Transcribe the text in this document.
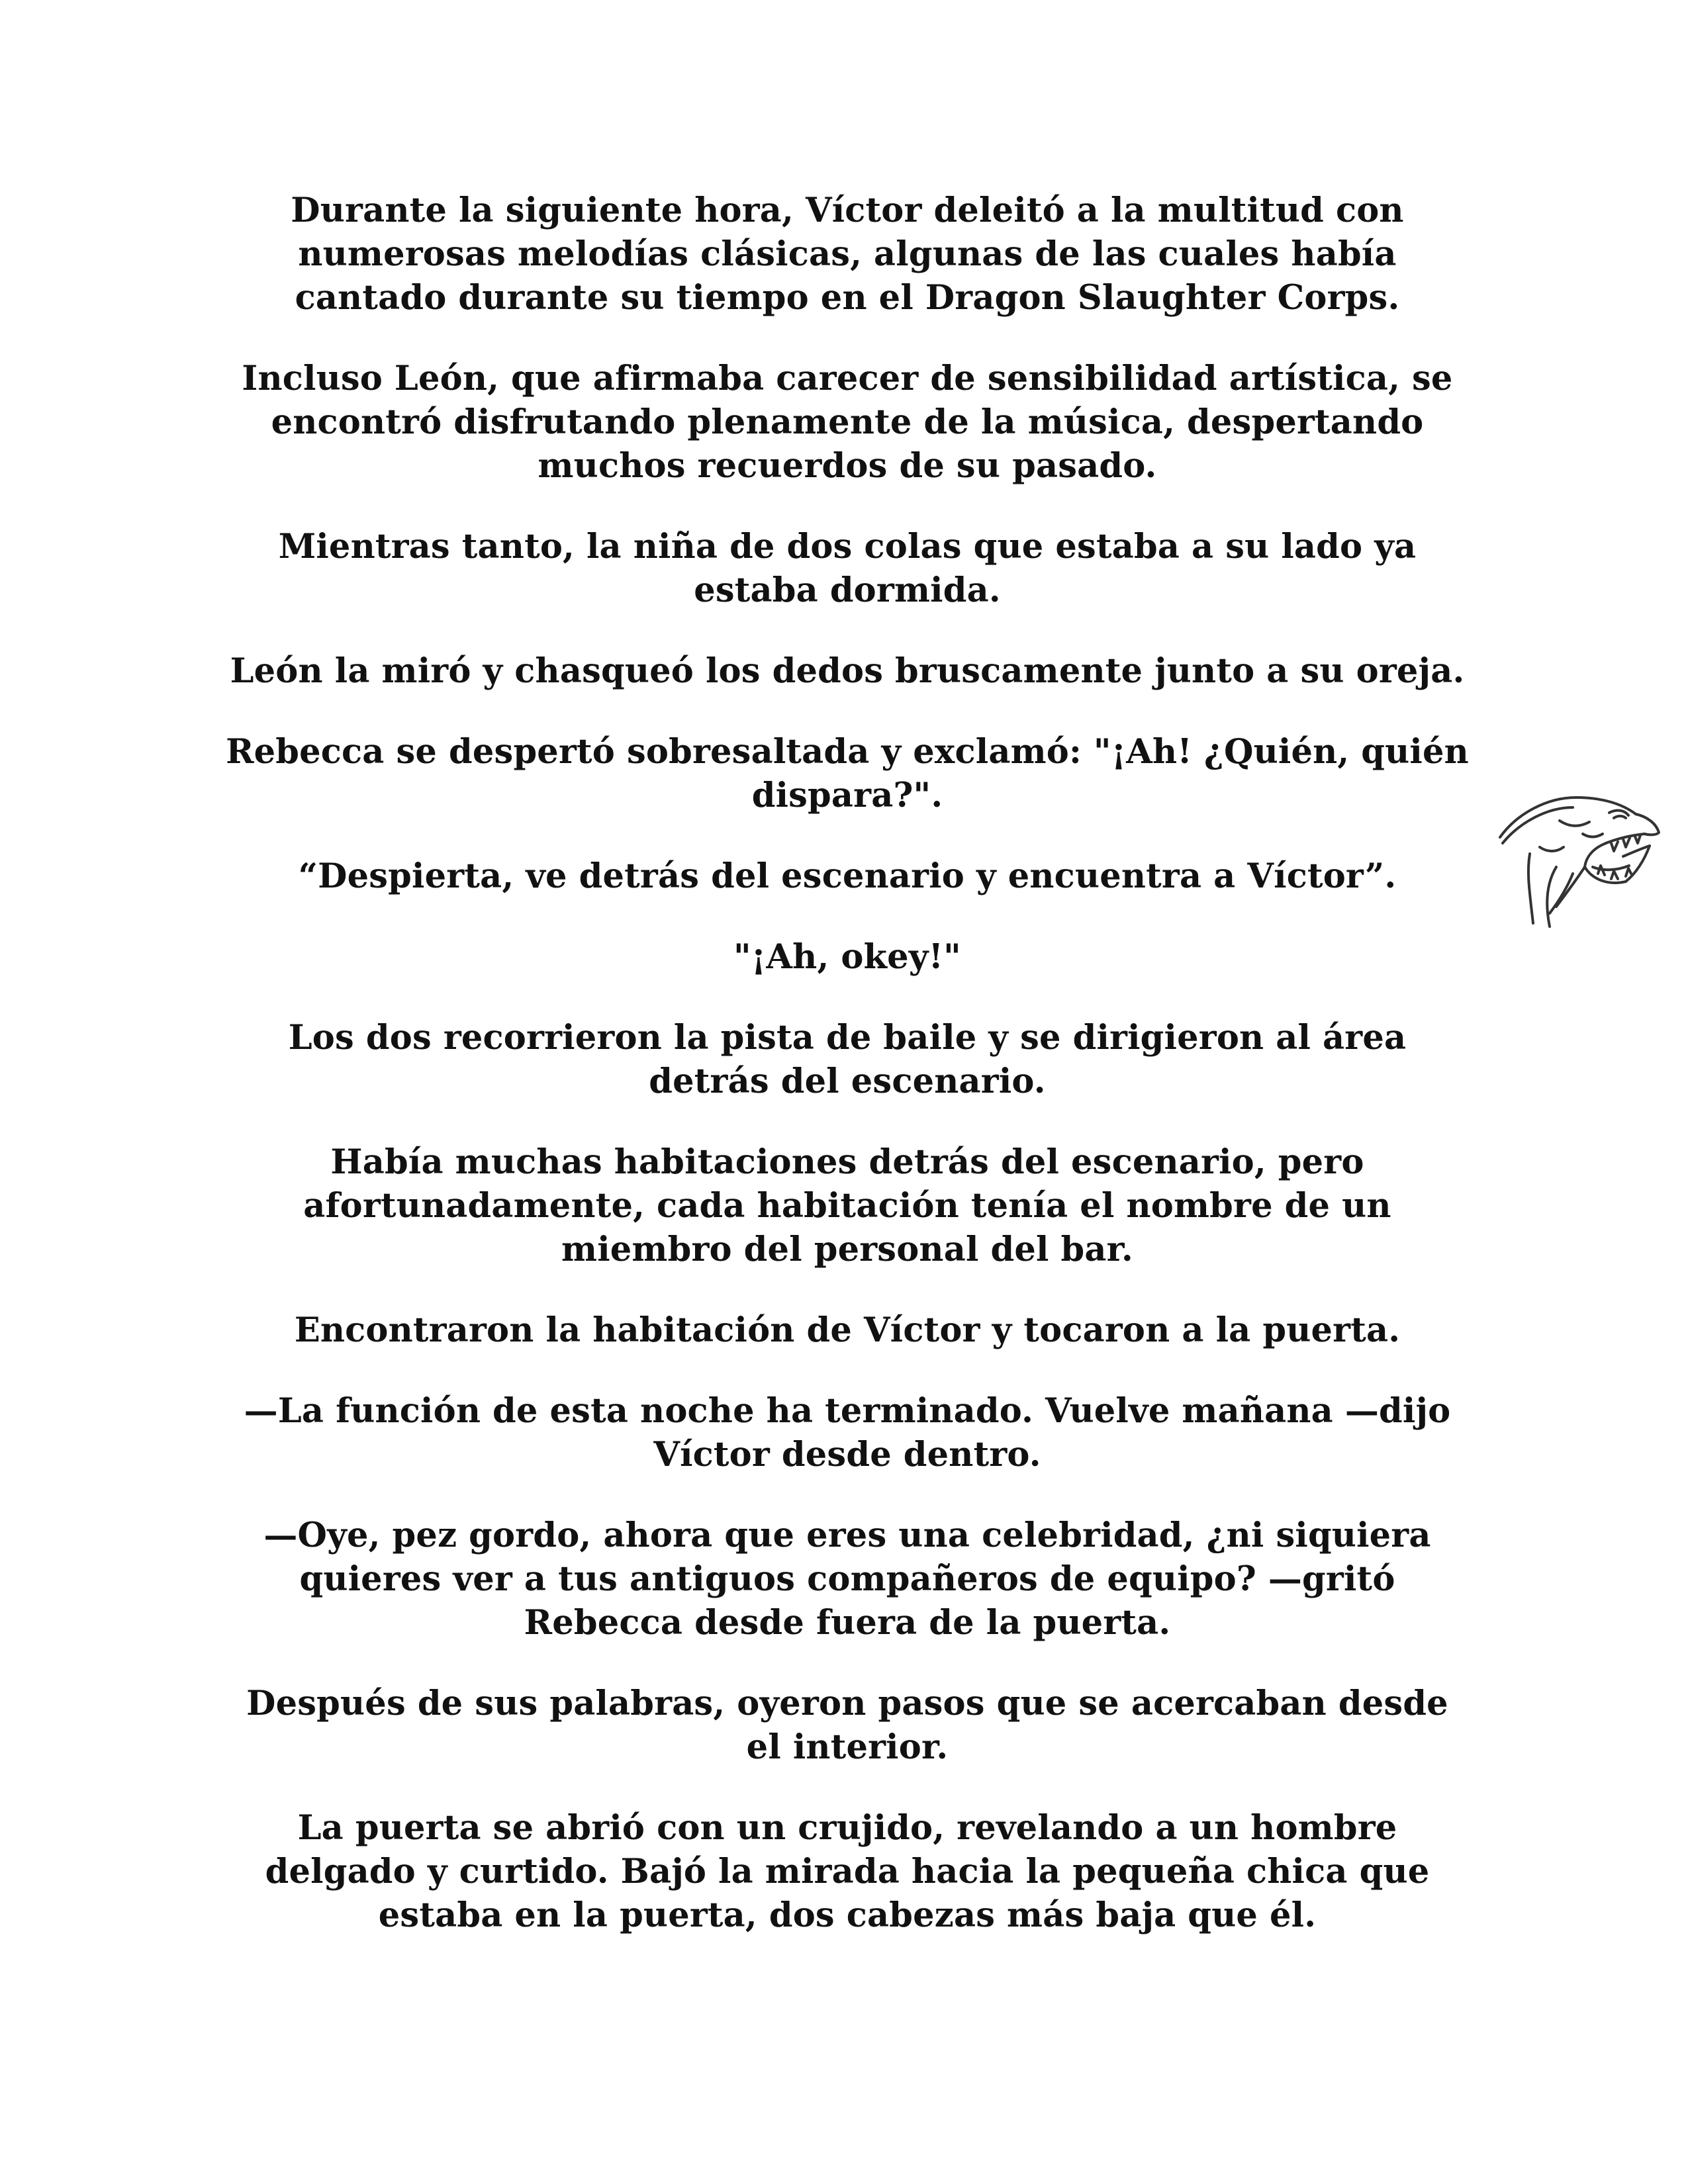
Durante la siguiente hora, Víctor deleitó a la multitud con numerosas melodías clásicas, algunas de las cuales había cantado durante su tiempo en el Dragon Slaughter Corps.

Incluso León, que afirmaba carecer de sensibilidad artística, se encontró disfrutando plenamente de la música, despertando muchos recuerdos de su pasado.

Mientras tanto, la niña de dos colas que estaba a su lado ya estaba dormida.

León la miró y chasqueó los dedos bruscamente junto a su oreja.

Rebecca se despertó sobresaltada y exclamó: "¡Ah! ¿Quién, quién dispara?".

“Despierta, ve detrás del escenario y encuentra a Víctor”.

"¡Ah, okey!"

Los dos recorrieron la pista de baile y se dirigieron al área detrás del escenario.

Había muchas habitaciones detrás del escenario, pero afortunadamente, cada habitación tenía el nombre de un miembro del personal del bar.

Encontraron la habitación de Víctor y tocaron a la puerta.

—La función de esta noche ha terminado. Vuelve mañana —dijo Víctor desde dentro.

—Oye, pez gordo, ahora que eres una celebridad, ¿ni siquiera quieres ver a tus antiguos compañeros de equipo? —gritó Rebecca desde fuera de la puerta.

Después de sus palabras, oyeron pasos que se acercaban desde el interior.

La puerta se abrió con un crujido, revelando a un hombre delgado y curtido. Bajó la mirada hacia la pequeña chica que estaba en la puerta, dos cabezas más baja que él.
